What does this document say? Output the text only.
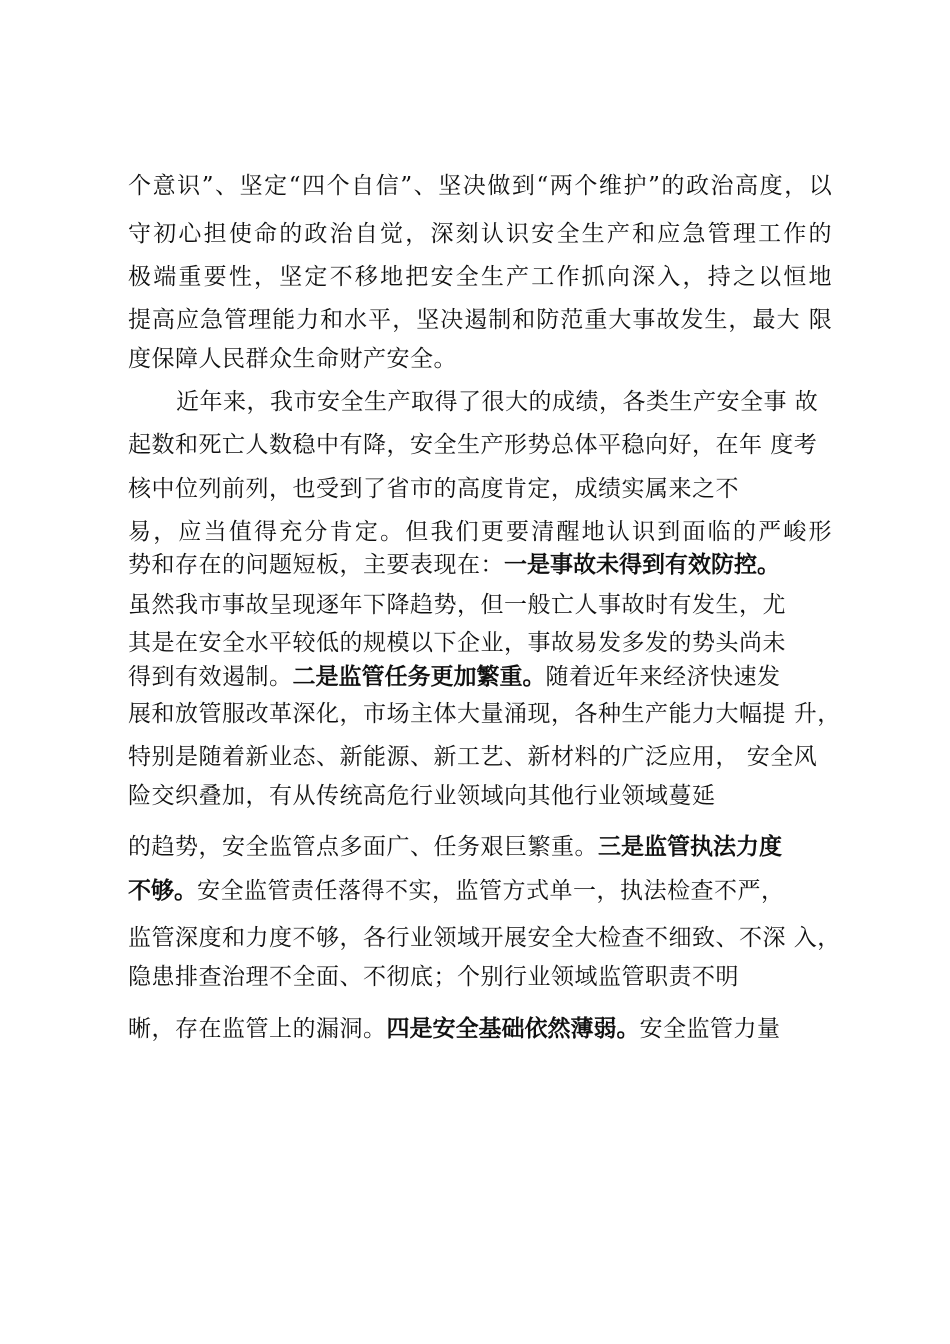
个意识”、坚定“四个自信”、坚决做到“两个维护”的政治高度，以
守初心担使命的政治自觉，深刻认识安全生产和应急管理工作的
极端重要性，坚定不移地把安全生产工作抓向深入，持之以恒地
提高应急管理能力和水平，坚决遏制和防范重大事故发生，最大 限
度保障人民群众生命财产安全。
近年来，我市安全生产取得了很大的成绩，各类生产安全事 故
起数和死亡人数稳中有降，安全生产形势总体平稳向好，在年 度考
核中位列前列，也受到了省市的高度肯定，成绩实属来之不
易，应当值得充分肯定。但我们更要清醒地认识到面临的严峻形
势和存在的问题短板，主要表现在：一是事故未得到有效防控。
虽然我市事故呈现逐年下降趋势，但一般亡人事故时有发生，尤
其是在安全水平较低的规模以下企业，事故易发多发的势头尚未
得到有效遏制。二是监管任务更加繁重。随着近年来经济快速发
展和放管服改革深化，市场主体大量涌现，各种生产能力大幅提 升，
特别是随着新业态、新能源、新工艺、新材料的广泛应用， 安全风
险交织叠加，有从传统高危行业领域向其他行业领域蔓延
的趋势，安全监管点多面广、任务艰巨繁重。三是监管执法力度
不够。安全监管责任落得不实，监管方式单一，执法检查不严，
监管深度和力度不够，各行业领域开展安全大检查不细致、不深 入，
隐患排查治理不全面、不彻底；个别行业领域监管职责不明
晰，存在监管上的漏洞。四是安全基础依然薄弱。安全监管力量
